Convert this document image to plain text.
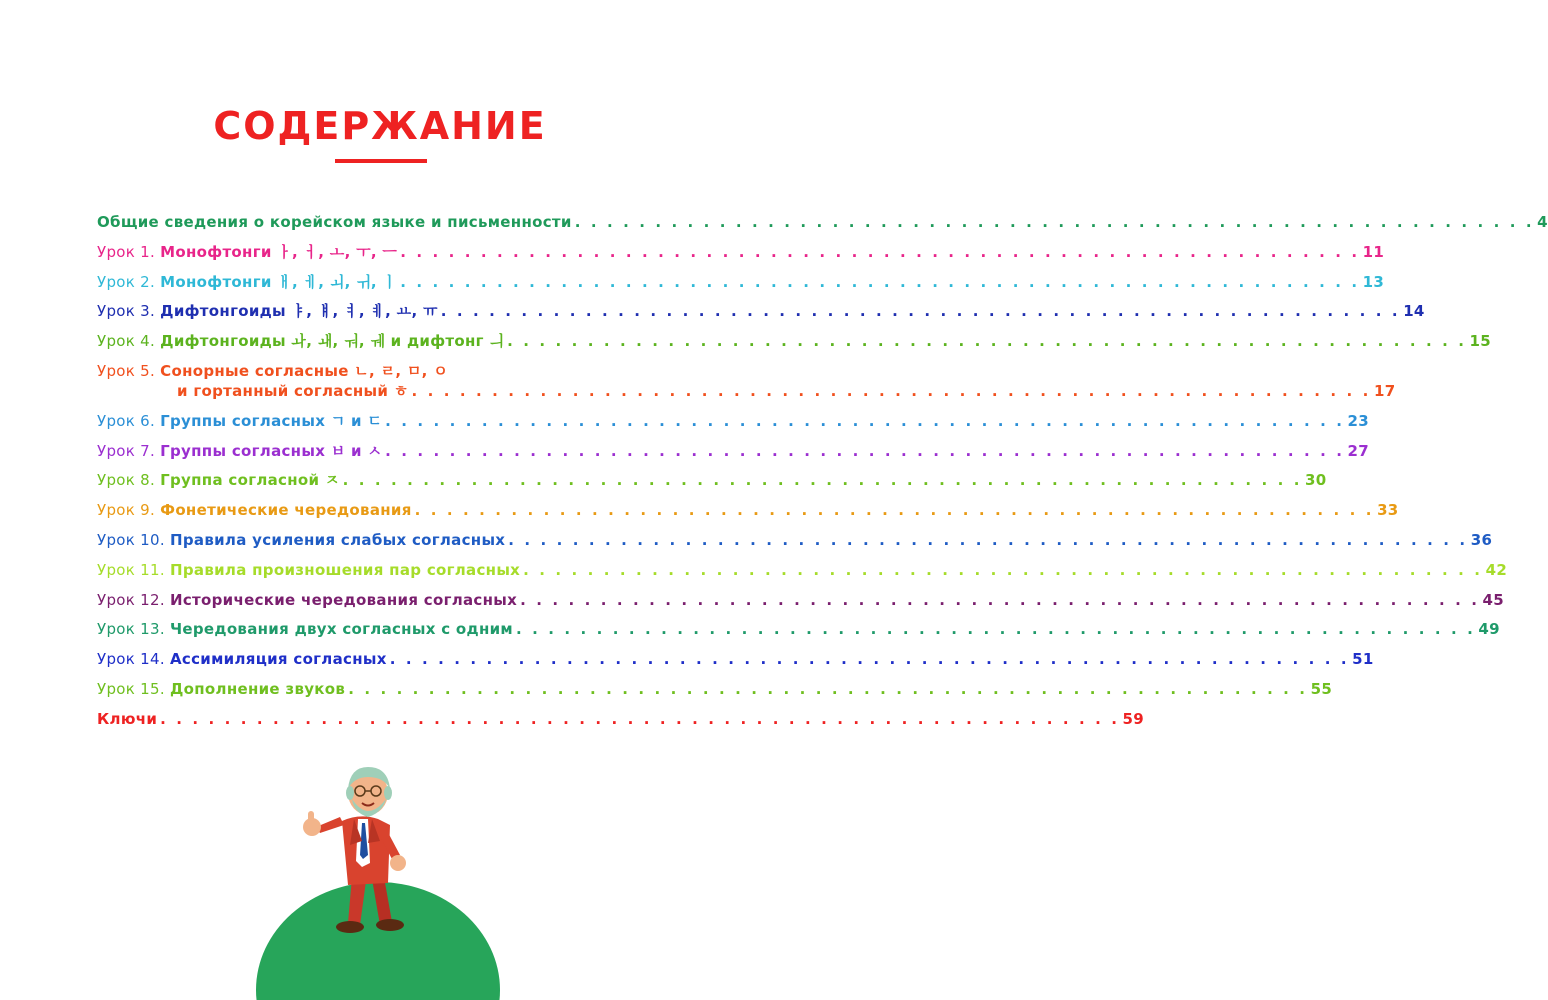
СОДЕРЖАНИЕ
Общие сведения о корейском языке и письменности . . . . . . . . . . . . . . . . . . . . . . . . . . . . . . . . . . . . . . . . . . . . . . . . . . . . . . . . . . . . 4
Урок 1. Монофтонги ㅏ, ㅓ, ㅗ, ㅜ, ㅡ . . . . . . . . . . . . . . . . . . . . . . . . . . . . . . . . . . . . . . . . . . . . . . . . . . . . . . . . . . . . 11
Урок 2. Монофтонги ㅐ, ㅔ, ㅚ, ㅟ, ㅣ . . . . . . . . . . . . . . . . . . . . . . . . . . . . . . . . . . . . . . . . . . . . . . . . . . . . . . . . . . . . 13
Урок 3. Дифтонгоиды ㅑ, ㅒ, ㅕ, ㅖ, ㅛ, ㅠ . . . . . . . . . . . . . . . . . . . . . . . . . . . . . . . . . . . . . . . . . . . . . . . . . . . . . . . . . . . . 14
Урок 4. Дифтонгоиды ㅘ, ㅙ, ㅝ, ㅞ и дифтонг ㅢ . . . . . . . . . . . . . . . . . . . . . . . . . . . . . . . . . . . . . . . . . . . . . . . . . . . . . . . . . . . . 15
Урок 5. Сонорные согласные ㄴ, ㄹ, ㅁ, ㅇ
и гортанный согласный ㅎ . . . . . . . . . . . . . . . . . . . . . . . . . . . . . . . . . . . . . . . . . . . . . . . . . . . . . . . . . . . . 17
Урок 6. Группы согласных ㄱ и ㄷ . . . . . . . . . . . . . . . . . . . . . . . . . . . . . . . . . . . . . . . . . . . . . . . . . . . . . . . . . . . . 23
Урок 7. Группы согласных ㅂ и ㅅ . . . . . . . . . . . . . . . . . . . . . . . . . . . . . . . . . . . . . . . . . . . . . . . . . . . . . . . . . . . . 27
Урок 8. Группа согласной ㅈ . . . . . . . . . . . . . . . . . . . . . . . . . . . . . . . . . . . . . . . . . . . . . . . . . . . . . . . . . . . . 30
Урок 9. Фонетические чередования . . . . . . . . . . . . . . . . . . . . . . . . . . . . . . . . . . . . . . . . . . . . . . . . . . . . . . . . . . . . 33
Урок 10. Правила усиления слабых согласных . . . . . . . . . . . . . . . . . . . . . . . . . . . . . . . . . . . . . . . . . . . . . . . . . . . . . . . . . . . . 36
Урок 11. Правила произношения пар согласных . . . . . . . . . . . . . . . . . . . . . . . . . . . . . . . . . . . . . . . . . . . . . . . . . . . . . . . . . . . . 42
Урок 12. Исторические чередования согласных . . . . . . . . . . . . . . . . . . . . . . . . . . . . . . . . . . . . . . . . . . . . . . . . . . . . . . . . . . . . 45
Урок 13. Чередования двух согласных с одним . . . . . . . . . . . . . . . . . . . . . . . . . . . . . . . . . . . . . . . . . . . . . . . . . . . . . . . . . . . . 49
Урок 14. Ассимиляция согласных . . . . . . . . . . . . . . . . . . . . . . . . . . . . . . . . . . . . . . . . . . . . . . . . . . . . . . . . . . . . 51
Урок 15. Дополнение звуков . . . . . . . . . . . . . . . . . . . . . . . . . . . . . . . . . . . . . . . . . . . . . . . . . . . . . . . . . . . . 55
Ключи . . . . . . . . . . . . . . . . . . . . . . . . . . . . . . . . . . . . . . . . . . . . . . . . . . . . . . . . . . . . 59
